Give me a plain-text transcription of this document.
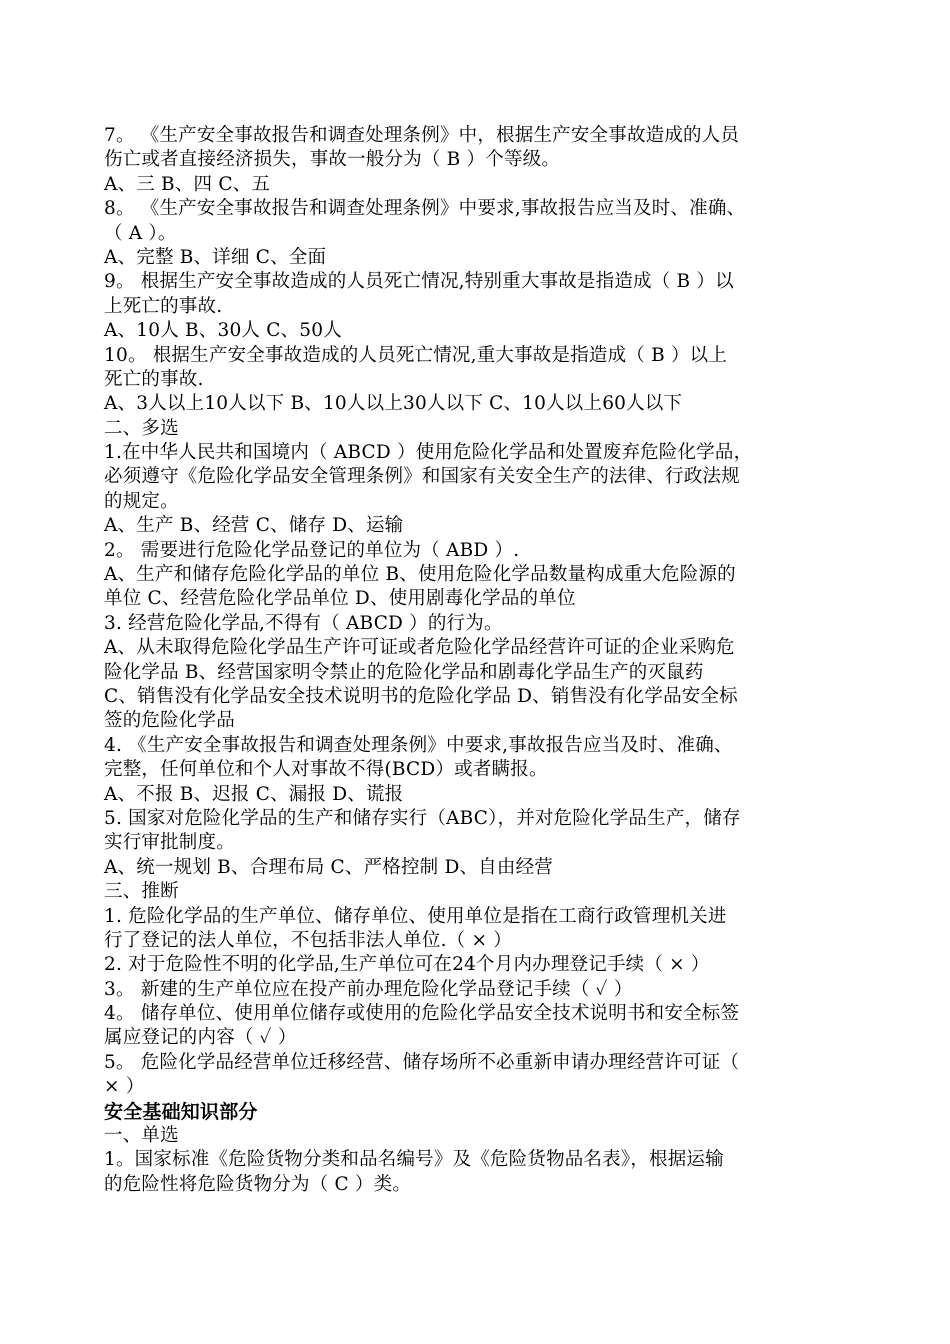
7。 《生产安全事故报告和调查处理条例》中，根据生产安全事故造成的人员
伤亡或者直接经济损失，事故一般分为（ B ）个等级。
A、三 B、四 C、五
8。 《生产安全事故报告和调查处理条例》中要求,事故报告应当及时、准确、
（ A ）。
A、完整 B、详细 C、全面
9。 根据生产安全事故造成的人员死亡情况,特别重大事故是指造成（ B ）以
上死亡的事故.
A、10人 B、30人 C、50人
10。 根据生产安全事故造成的人员死亡情况,重大事故是指造成（ B ）以上
死亡的事故.
A、3人以上10人以下 B、10人以上30人以下 C、10人以上60人以下
二、多选
1.在中华人民共和国境内（ ABCD ）使用危险化学品和处置废弃危险化学品，
必须遵守《危险化学品安全管理条例》和国家有关安全生产的法律、行政法规
的规定。
A、生产 B、经营 C、储存 D、运输
2。 需要进行危险化学品登记的单位为（ ABD ）.
A、生产和储存危险化学品的单位 B、使用危险化学品数量构成重大危险源的
单位 C、经营危险化学品单位 D、使用剧毒化学品的单位
3. 经营危险化学品,不得有（ ABCD ）的行为。
A、从未取得危险化学品生产许可证或者危险化学品经营许可证的企业采购危
险化学品 B、经营国家明令禁止的危险化学品和剧毒化学品生产的灭鼠药
C、销售没有化学品安全技术说明书的危险化学品 D、销售没有化学品安全标
签的危险化学品
4. 《生产安全事故报告和调查处理条例》中要求,事故报告应当及时、准确、
完整，任何单位和个人对事故不得(BCD）或者瞒报。
A、不报 B、迟报 C、漏报 D、谎报
5. 国家对危险化学品的生产和储存实行（ABC），并对危险化学品生产，储存
实行审批制度。
A、统一规划 B、合理布局 C、严格控制 D、自由经营
三、推断
1. 危险化学品的生产单位、储存单位、使用单位是指在工商行政管理机关进
行了登记的法人单位，不包括非法人单位.（ × ）
2. 对于危险性不明的化学品,生产单位可在24个月内办理登记手续（ × ）
3。 新建的生产单位应在投产前办理危险化学品登记手续（ ✓ ）
4。 储存单位、使用单位储存或使用的危险化学品安全技术说明书和安全标签
属应登记的内容（ ✓ ）
5。 危险化学品经营单位迁移经营、储存场所不必重新申请办理经营许可证（
× ）
安全基础知识部分
一、单选
1。国家标准《危险货物分类和品名编号》及《危险货物品名表》，根据运输
的危险性将危险货物分为（ C ）类。
